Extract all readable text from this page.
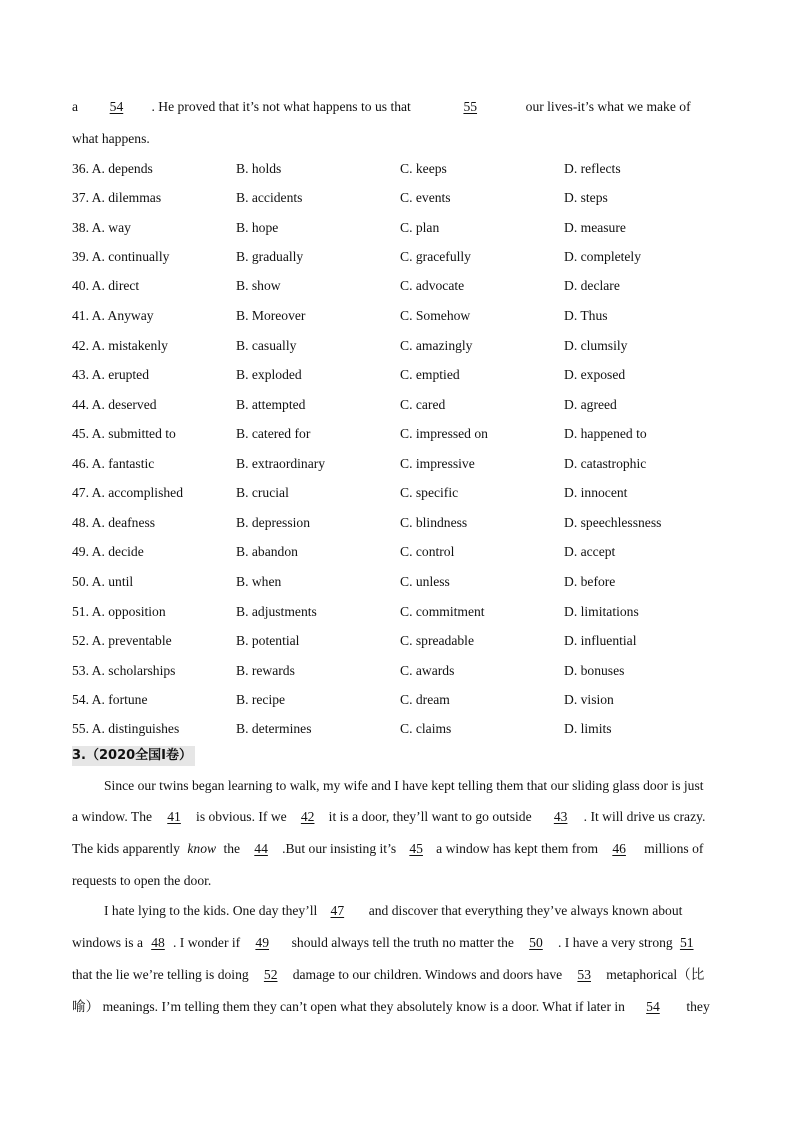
a 54 . He proved that it’s not what happens to us that	55	our lives-it’s what we make of
what happens.
36. A. depends	B. holds	C. keeps	D. reflects
37. A. dilemmas	B. accidents	C. events	D. steps
38. A. way	B. hope	C. plan	D. measure
39. A. continually	B. gradually	C. gracefully	D. completely
40. A. direct	B. show	C. advocate	D. declare
41. A. Anyway	B. Moreover	C. Somehow	D. Thus
42. A. mistakenly	B. casually	C. amazingly	D. clumsily
43. A. erupted	B. exploded	C. emptied	D. exposed
44. A. deserved	B. attempted	C. cared	D. agreed
45. A. submitted to	B. catered for	C. impressed on	D. happened to
46. A. fantastic	B. extraordinary	C. impressive	D. catastrophic
47. A. accomplished	B. crucial	C. specific	D. innocent
48. A. deafness	B. depression	C. blindness	D. speechlessness
49. A. decide	B. abandon	C. control	D. accept
50. A. until	B. when	C. unless	D. before
51. A. opposition	B. adjustments	C. commitment	D. limitations
52. A. preventable	B. potential	C. spreadable	D. influential
53. A. scholarships	B. rewards	C. awards	D. bonuses
54. A. fortune	B. recipe	C. dream	D. vision
55. A. distinguishes	B. determines	C. claims	D. limits
3.（2020全国I卷）
Since our twins began learning to walk, my wife and I have kept telling them that our sliding glass door is just
a window. The 41 is obvious. If we 42 it is a door, they’ll want to go outside 43 . It will drive us crazy.
The kids apparently know the 44 .But our insisting it’s 45 a window has kept them from 46 millions of
requests to open the door.
I hate lying to the kids. One day they’ll 47 and discover that everything they’ve always known about
windows is a 48 . I wonder if 49 should always tell the truth no matter the 50 . I have a very strong 51
that the lie we’re telling is doing 52 damage to our children. Windows and doors have 53 metaphorical（比
喻） meanings. I’m telling them they can’t open what they absolutely know is a door. What if later in 54 they
